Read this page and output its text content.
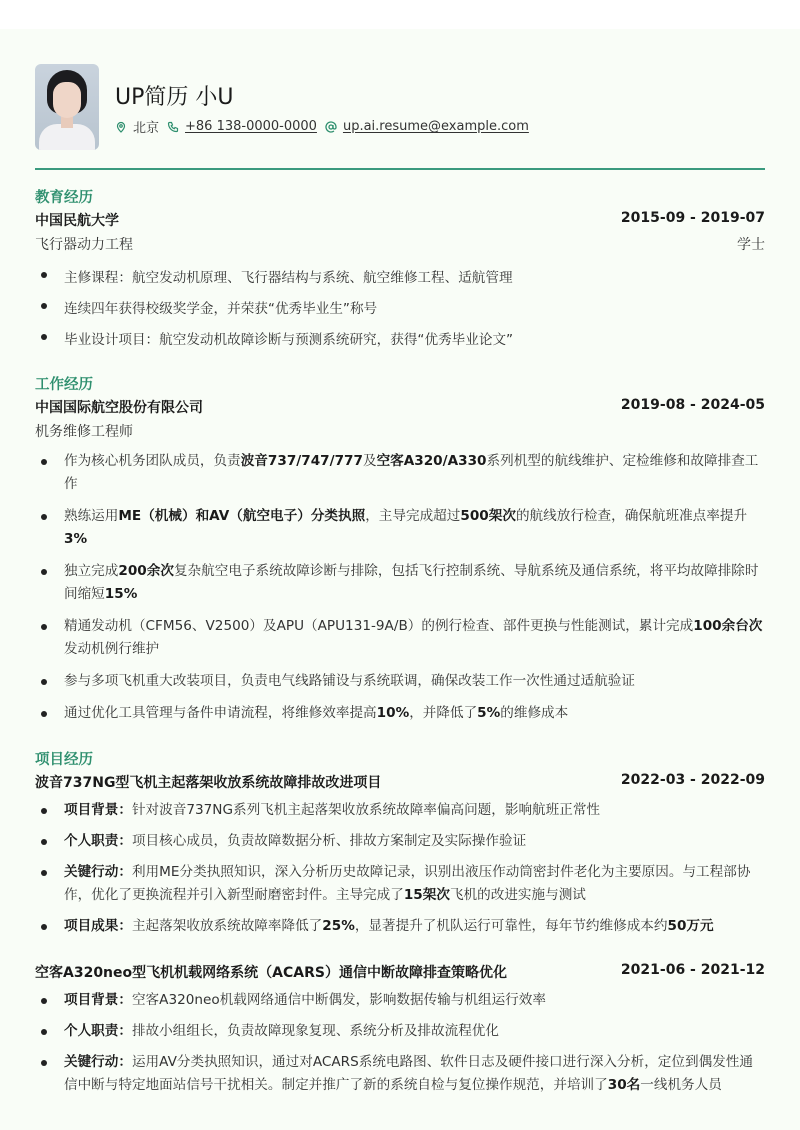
UP简历 小U
北京 +86 138-0000-0000 up.ai.resume@example.com
教育经历
中国民航大学	2015-09 - 2019-07
飞行器动力工程	学士
主修课程：航空发动机原理、飞行器结构与系统、航空维修工程、适航管理
连续四年获得校级奖学金，并荣获“优秀毕业生”称号
毕业设计项目：航空发动机故障诊断与预测系统研究，获得“优秀毕业论文”
工作经历
中国国际航空股份有限公司	2019-08 - 2024-05
机务维修工程师
作为核心机务团队成员，负责波音737/747/777及空客A320/A330系列机型的航线维护、定检维修和故障排查工作
熟练运用ME（机械）和AV（航空电子）分类执照，主导完成超过500架次的航线放行检查，确保航班准点率提升3%
独立完成200余次复杂航空电子系统故障诊断与排除，包括飞行控制系统、导航系统及通信系统，将平均故障排除时间缩短15%
精通发动机（CFM56、V2500）及APU（APU131-9A/B）的例行检查、部件更换与性能测试，累计完成100余台次发动机例行维护
参与多项飞机重大改装项目，负责电气线路铺设与系统联调，确保改装工作一次性通过适航验证
通过优化工具管理与备件申请流程，将维修效率提高10%，并降低了5%的维修成本
项目经历
波音737NG型飞机主起落架收放系统故障排故改进项目	2022-03 - 2022-09
项目背景：针对波音737NG系列飞机主起落架收放系统故障率偏高问题，影响航班正常性
个人职责：项目核心成员，负责故障数据分析、排故方案制定及实际操作验证
关键行动：利用ME分类执照知识，深入分析历史故障记录，识别出液压作动筒密封件老化为主要原因。与工程部协作，优化了更换流程并引入新型耐磨密封件。主导完成了15架次飞机的改进实施与测试
项目成果：主起落架收放系统故障率降低了25%，显著提升了机队运行可靠性，每年节约维修成本约50万元
空客A320neo型飞机机载网络系统（ACARS）通信中断故障排查策略优化	2021-06 - 2021-12
项目背景：空客A320neo机载网络通信中断偶发，影响数据传输与机组运行效率
个人职责：排故小组组长，负责故障现象复现、系统分析及排故流程优化
关键行动：运用AV分类执照知识，通过对ACARS系统电路图、软件日志及硬件接口进行深入分析，定位到偶发性通信中断与特定地面站信号干扰相关。制定并推广了新的系统自检与复位操作规范，并培训了30名一线机务人员
